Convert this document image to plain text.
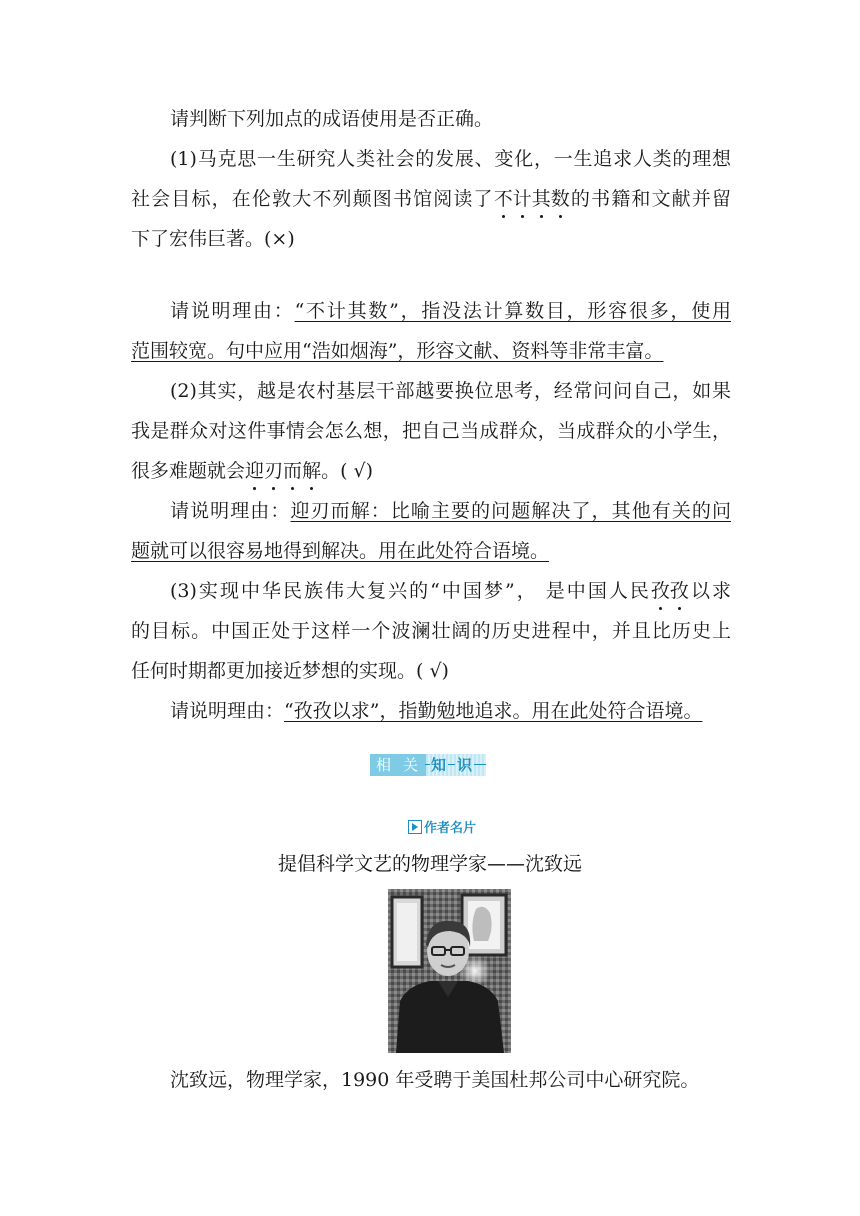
请判断下列加点的成语使用是否正确。
(1)马克思一生研究人类社会的发展、变化，一生追求人类的理想
社会目标，在伦敦大不列颠图书馆阅读了不计其数的书籍和文献并留
下了宏伟巨著。(×)
请说明理由：“不计其数”，指没法计算数目，形容很多，使用
范围较宽。句中应用“浩如烟海”，形容文献、资料等非常丰富。
(2)其实，越是农村基层干部越要换位思考，经常问问自己，如果
我是群众对这件事情会怎么想，把自己当成群众，当成群众的小学生，
很多难题就会迎刃而解。( √)
请说明理由：迎刃而解：比喻主要的问题解决了，其他有关的问
题就可以很容易地得到解决。用在此处符合语境。
(3)实现中华民族伟大复兴的“中国梦”， 是中国人民孜孜以求
的目标。中国正处于这样一个波澜壮阔的历史进程中，并且比历史上
任何时期都更加接近梦想的实现。( √)
请说明理由：“孜孜以求”，指勤勉地追求。用在此处符合语境。
相 关 知 识
作者名片
提倡科学文艺的物理学家——沈致远
沈致远，物理学家，1990 年受聘于美国杜邦公司中心研究院。
